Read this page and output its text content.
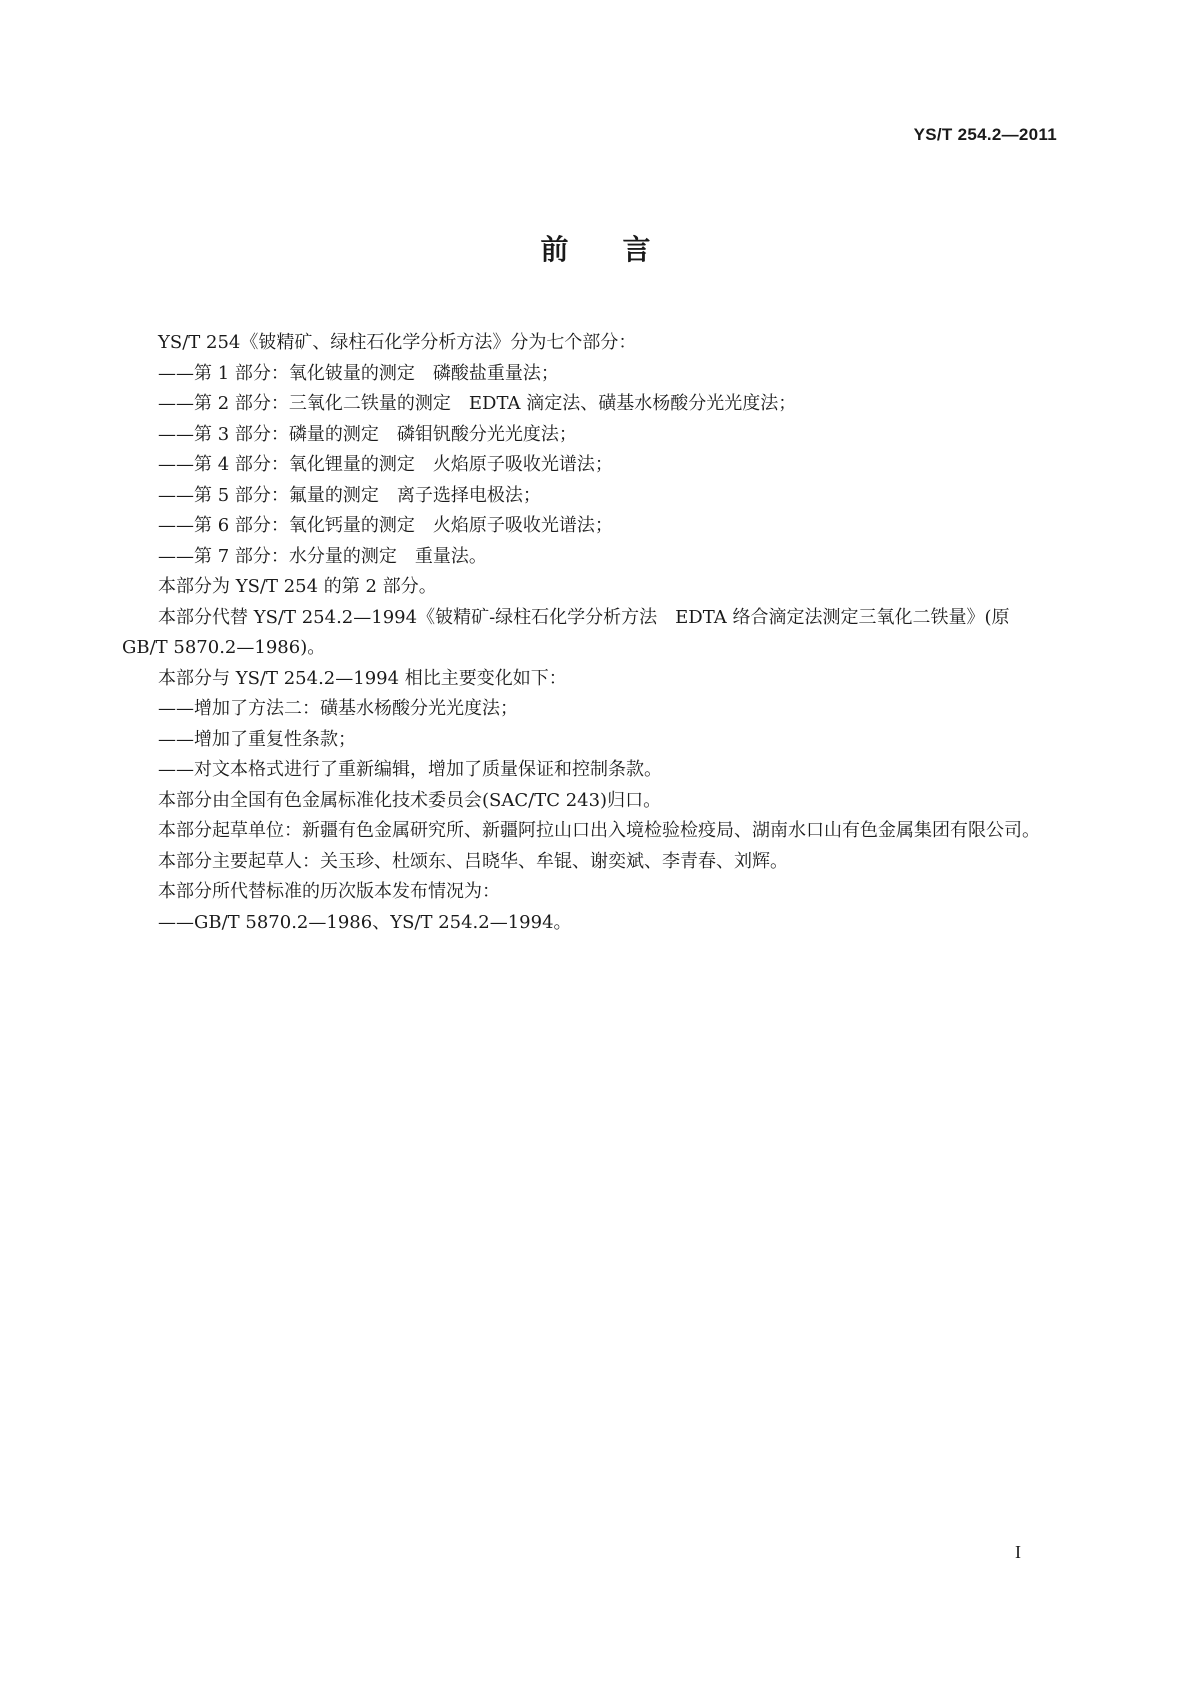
YS/T 254.2—2011
前言

YS/T 254《铍精矿、绿柱石化学分析方法》分为七个部分：

——第 1 部分：氧化铍量的测定　磷酸盐重量法；

——第 2 部分：三氧化二铁量的测定　EDTA 滴定法、磺基水杨酸分光光度法；

——第 3 部分：磷量的测定　磷钼钒酸分光光度法；

——第 4 部分：氧化锂量的测定　火焰原子吸收光谱法；

——第 5 部分：氟量的测定　离子选择电极法；

——第 6 部分：氧化钙量的测定　火焰原子吸收光谱法；

——第 7 部分：水分量的测定　重量法。

本部分为 YS/T 254 的第 2 部分。

本部分代替 YS/T 254.2—1994《铍精矿-绿柱石化学分析方法　EDTA 络合滴定法测定三氧化二铁量》(原 GB/T 5870.2—1986)。

本部分与 YS/T 254.2—1994 相比主要变化如下：

——增加了方法二：磺基水杨酸分光光度法；

——增加了重复性条款；

——对文本格式进行了重新编辑，增加了质量保证和控制条款。

本部分由全国有色金属标准化技术委员会(SAC/TC 243)归口。

本部分起草单位：新疆有色金属研究所、新疆阿拉山口出入境检验检疫局、湖南水口山有色金属集团有限公司。

本部分主要起草人：关玉珍、杜颂东、吕晓华、牟锟、谢奕斌、李青春、刘辉。

本部分所代替标准的历次版本发布情况为：

——GB/T 5870.2—1986、YS/T 254.2—1994。

I
